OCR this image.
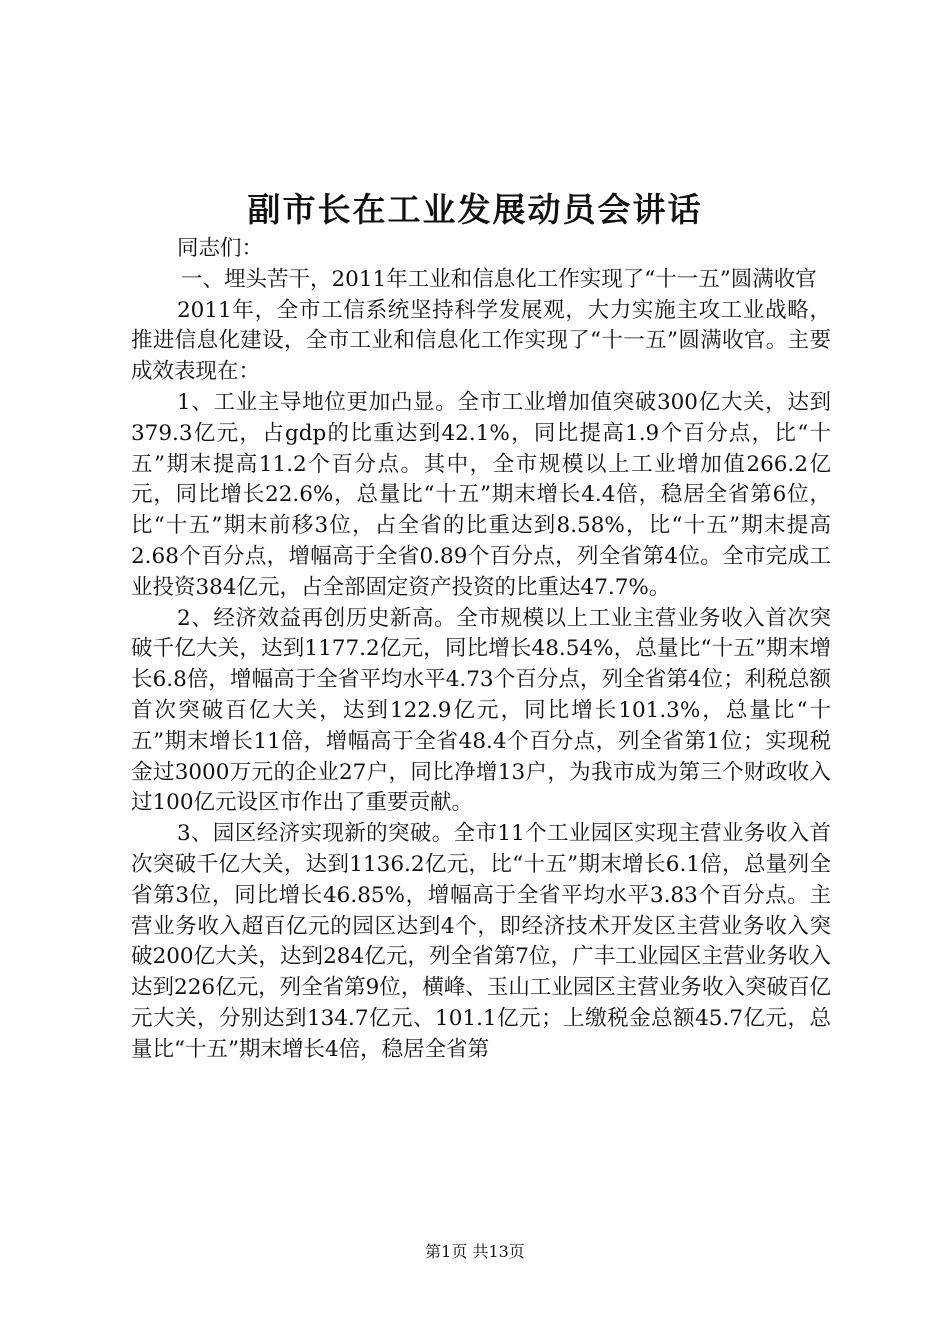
副市长在工业发展动员会讲话

同志们：

一、埋头苦干，2011年工业和信息化工作实现了“十一五”圆满收官

2011年，全市工信系统坚持科学发展观，大力实施主攻工业战略，推进信息化建设，全市工业和信息化工作实现了“十一五”圆满收官。主要成效表现在：

1、工业主导地位更加凸显。全市工业增加值突破300亿大关，达到379.3亿元，占gdp的比重达到42.1%，同比提高1.9个百分点，比“十五”期末提高11.2个百分点。其中，全市规模以上工业增加值266.2亿元，同比增长22.6%，总量比“十五”期末增长4.4倍，稳居全省第6位，比“十五”期末前移3位，占全省的比重达到8.58%，比“十五”期末提高2.68个百分点，增幅高于全省0.89个百分点，列全省第4位。全市完成工业投资384亿元，占全部固定资产投资的比重达47.7%。

2、经济效益再创历史新高。全市规模以上工业主营业务收入首次突破千亿大关，达到1177.2亿元，同比增长48.54%，总量比“十五”期末增长6.8倍，增幅高于全省平均水平4.73个百分点，列全省第4位；利税总额首次突破百亿大关，达到122.9亿元，同比增长101.3%，总量比“十五”期末增长11倍，增幅高于全省48.4个百分点，列全省第1位；实现税金过3000万元的企业27户，同比净增13户，为我市成为第三个财政收入过100亿元设区市作出了重要贡献。

3、园区经济实现新的突破。全市11个工业园区实现主营业务收入首次突破千亿大关，达到1136.2亿元，比“十五”期末增长6.1倍，总量列全省第3位，同比增长46.85%，增幅高于全省平均水平3.83个百分点。主营业务收入超百亿元的园区达到4个，即经济技术开发区主营业务收入突破200亿大关，达到284亿元，列全省第7位，广丰工业园区主营业务收入达到226亿元，列全省第9位，横峰、玉山工业园区主营业务收入突破百亿元大关，分别达到134.7亿元、101.1亿元；上缴税金总额45.7亿元，总量比“十五”期末增长4倍，稳居全省第

第1页 共13页
